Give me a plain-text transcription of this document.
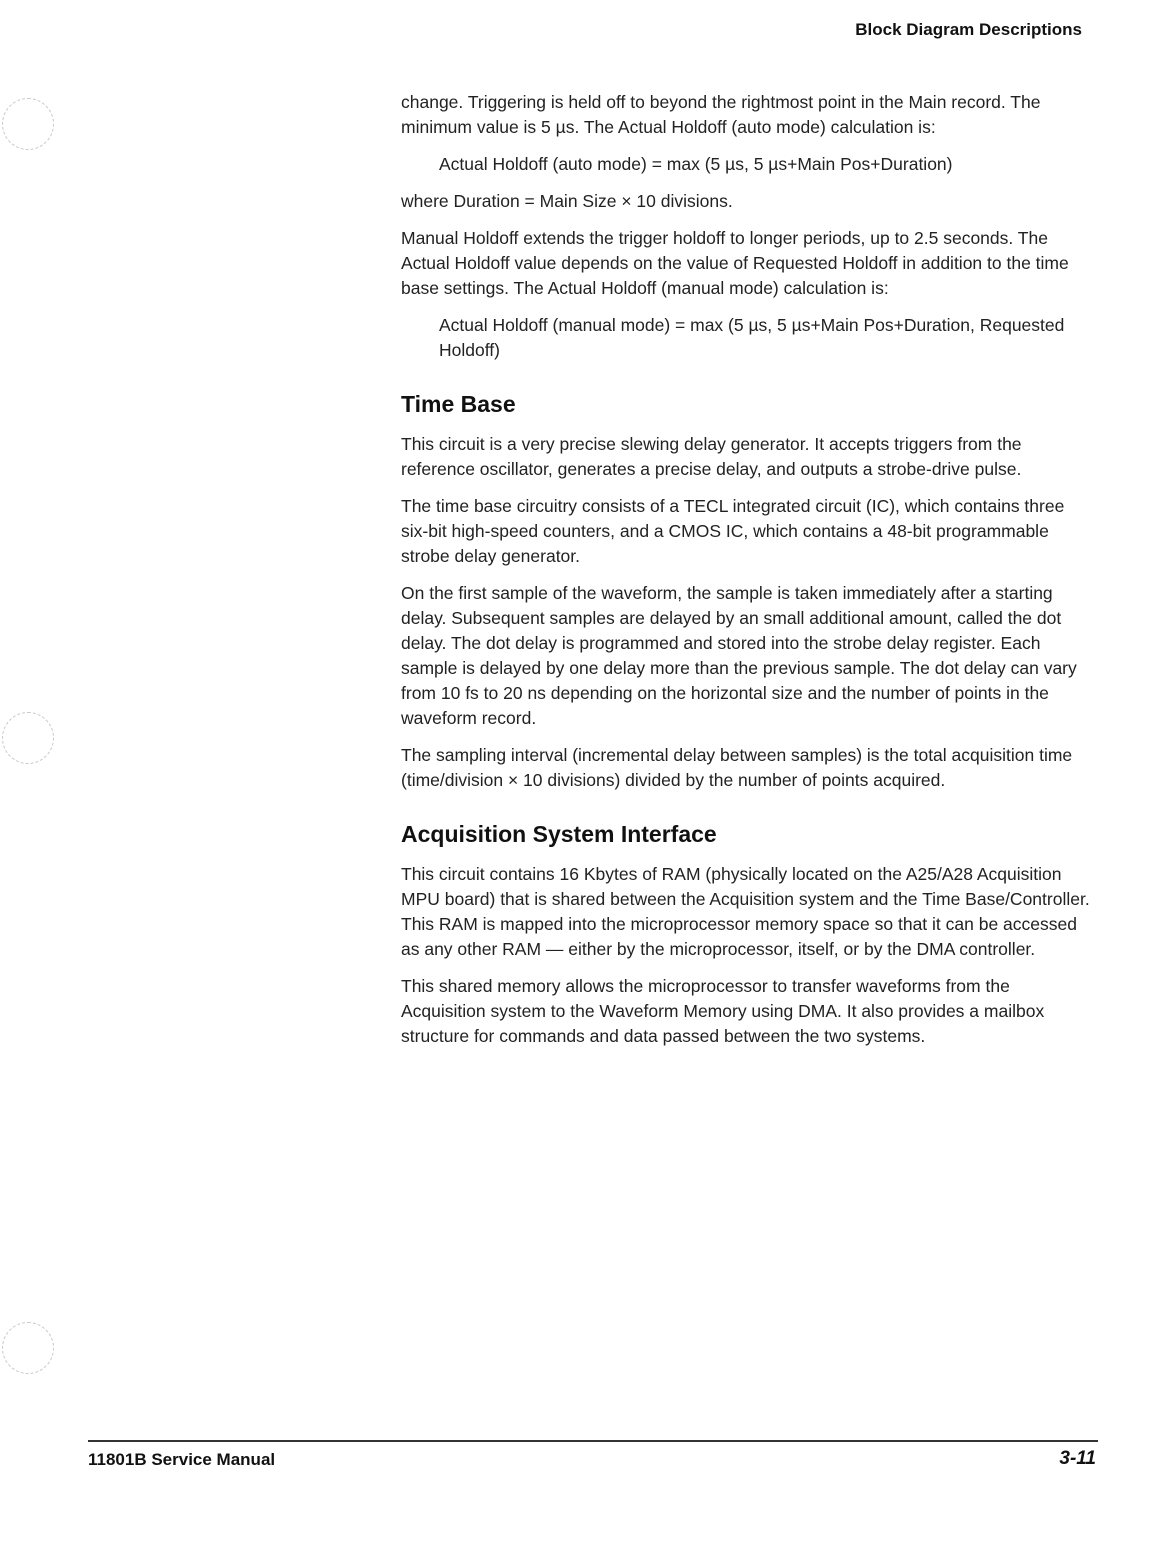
Block Diagram Descriptions

change. Triggering is held off to beyond the rightmost point in the Main record. The minimum value is 5 µs. The Actual Holdoff (auto mode) calculation is:

Actual Holdoff (auto mode) = max (5 µs, 5 µs+Main Pos+Duration)

where Duration = Main Size × 10 divisions.

Manual Holdoff extends the trigger holdoff to longer periods, up to 2.5 seconds. The Actual Holdoff value depends on the value of Requested Holdoff in addition to the time base settings. The Actual Holdoff (manual mode) calculation is:

Actual Holdoff (manual mode) = max (5 µs, 5 µs+Main Pos+Duration, Requested Holdoff)

Time Base

This circuit is a very precise slewing delay generator. It accepts triggers from the reference oscillator, generates a precise delay, and outputs a strobe-drive pulse.

The time base circuitry consists of a TECL integrated circuit (IC), which contains three six-bit high-speed counters, and a CMOS IC, which contains a 48-bit programmable strobe delay generator.

On the first sample of the waveform, the sample is taken immediately after a starting delay. Subsequent samples are delayed by an small additional amount, called the dot delay. The dot delay is programmed and stored into the strobe delay register. Each sample is delayed by one delay more than the previous sample. The dot delay can vary from 10 fs to 20 ns depending on the horizontal size and the number of points in the waveform record.

The sampling interval (incremental delay between samples) is the total acquisition time (time/division × 10 divisions) divided by the number of points acquired.

Acquisition System Interface

This circuit contains 16 Kbytes of RAM (physically located on the A25/A28 Acquisition MPU board) that is shared between the Acquisition system and the Time Base/Controller. This RAM is mapped into the microprocessor memory space so that it can be accessed as any other RAM — either by the microprocessor, itself, or by the DMA controller.

This shared memory allows the microprocessor to transfer waveforms from the Acquisition system to the Waveform Memory using DMA. It also provides a mailbox structure for commands and data passed between the two systems.

11801B Service Manual	3-11
